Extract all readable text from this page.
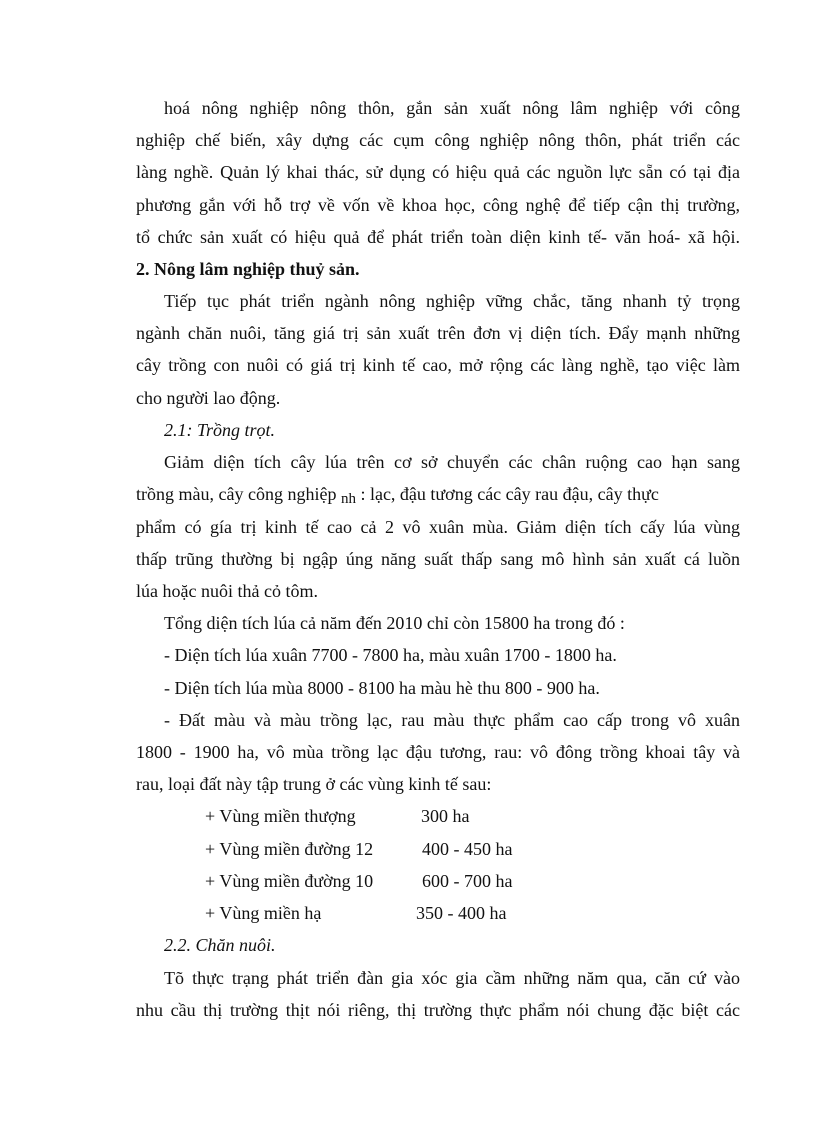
hoá nông nghiệp nông thôn, gắn sản xuất nông lâm nghiệp với công
nghiệp chế biến, xây dựng các cụm công nghiệp nông thôn, phát triển các
làng nghề. Quản lý khai thác, sử dụng có hiệu quả các nguồn lực sẵn có tại địa
phương gắn với hỗ trợ về vốn về khoa học, công nghệ để tiếp cận thị trường,
tổ chức sản xuất có hiệu quả để phát triển toàn diện kinh tế- văn hoá- xã hội.
2. Nông lâm nghiệp thuỷ sản.
Tiếp tục phát triển ngành nông nghiệp vững chắc, tăng nhanh tỷ trọng
ngành chăn nuôi, tăng giá trị sản xuất trên đơn vị diện tích. Đẩy mạnh những
cây trồng con nuôi có giá trị kinh tế cao, mở rộng các làng nghề, tạo việc làm
cho người lao động.
2.1: Trồng trọt.
Giảm diện tích cây lúa trên cơ sở chuyển các chân ruộng cao hạn sang
trồng màu, cây công nghiệp nh : lạc, đậu tương các cây rau đậu, cây thực
phẩm có gía trị kinh tế cao cả 2 vô xuân mùa. Giảm diện tích cấy lúa vùng
thấp trũng thường bị ngập úng năng suất thấp sang mô hình sản xuất cá luồn
lúa hoặc nuôi thả cỏ tôm.
Tổng diện tích lúa cả năm đến 2010 chỉ còn 15800 ha trong đó :
- Diện tích lúa xuân 7700 - 7800 ha, màu xuân 1700 - 1800 ha.
- Diện tích lúa mùa 8000 - 8100 ha màu hè thu 800 - 900 ha.
- Đất màu và màu trồng lạc, rau màu thực phẩm cao cấp trong vô xuân
1800 - 1900 ha, vô mùa trồng lạc đậu tương, rau: vô đông trồng khoai tây và
rau, loại đất này tập trung ở các vùng kinh tế sau:
+ Vùng miền thượng	300 ha
+ Vùng miền đường 12	400 - 450 ha
+ Vùng miền đường 10	600 - 700 ha
+ Vùng miền hạ	350 - 400 ha
2.2. Chăn nuôi.
Tõ thực trạng phát triển đàn gia xóc gia cầm những năm qua, căn cứ vào
nhu cầu thị trường thịt nói riêng, thị trường thực phẩm nói chung đặc biệt các
